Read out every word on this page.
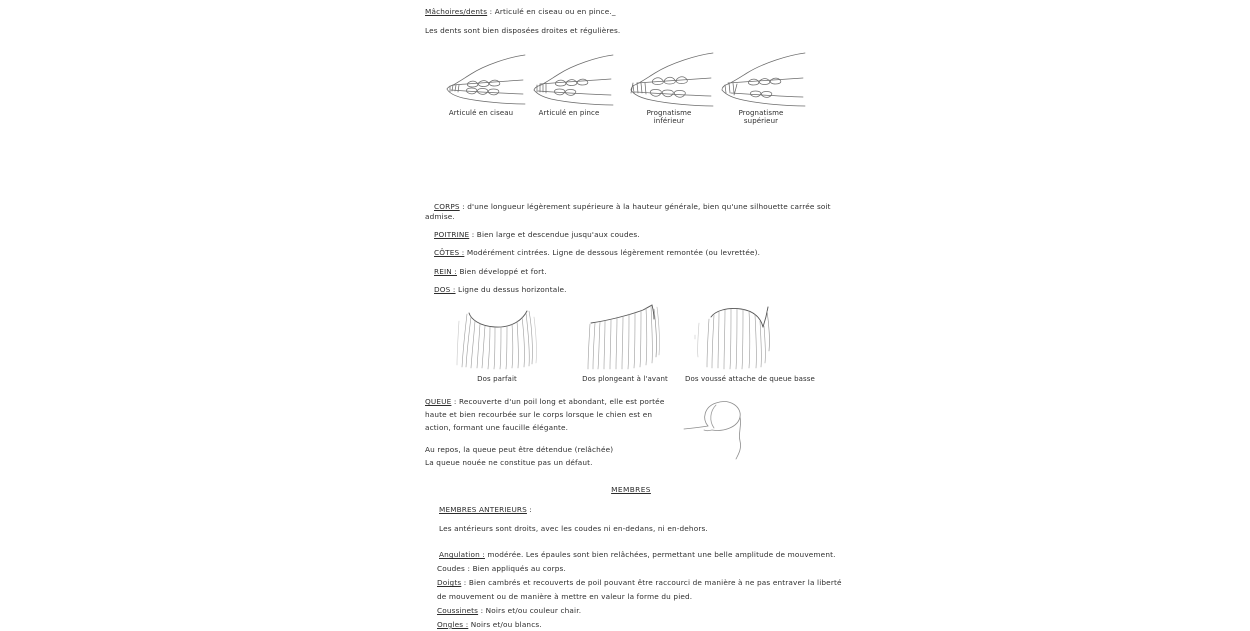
Mâchoires/dents : Articulé en ciseau ou en pince._
Les dents sont bien disposées droites et régulières.
Articulé en ciseau	Articulé en pince	Prognatisme
inférieur
Prognatisme
supérieur
CORPS : d'une longueur légèrement supérieure à la hauteur générale, bien qu'une silhouette carrée soit
admise.
POITRINE : Bien large et descendue jusqu'aux coudes.
CÔTES : Modérément cintrées. Ligne de dessous légèrement remontée (ou levrettée).
REIN : Bien développé et fort.
DOS : Ligne du dessus horizontale.
Dos parfait	Dos plongeant à l'avant	Dos voussé attache de queue basse
QUEUE : Recouverte d'un poil long et abondant, elle est portée
haute et bien recourbée sur le corps lorsque le chien est en
action, formant une faucille élégante.
Au repos, la queue peut être détendue (relâchée)
La queue nouée ne constitue pas un défaut.
MEMBRES
MEMBRES ANTERIEURS :
Les antérieurs sont droits, avec les coudes ni en-dedans, ni en-dehors.
Angulation : modérée. Les épaules sont bien relâchées, permettant une belle amplitude de mouvement.
Coudes : Bien appliqués au corps.
Doigts : Bien cambrés et recouverts de poil pouvant être raccourci de manière à ne pas entraver la liberté
de mouvement ou de manière à mettre en valeur la forme du pied.
Coussinets : Noirs et/ou couleur chair.
Ongles : Noirs et/ou blancs.
